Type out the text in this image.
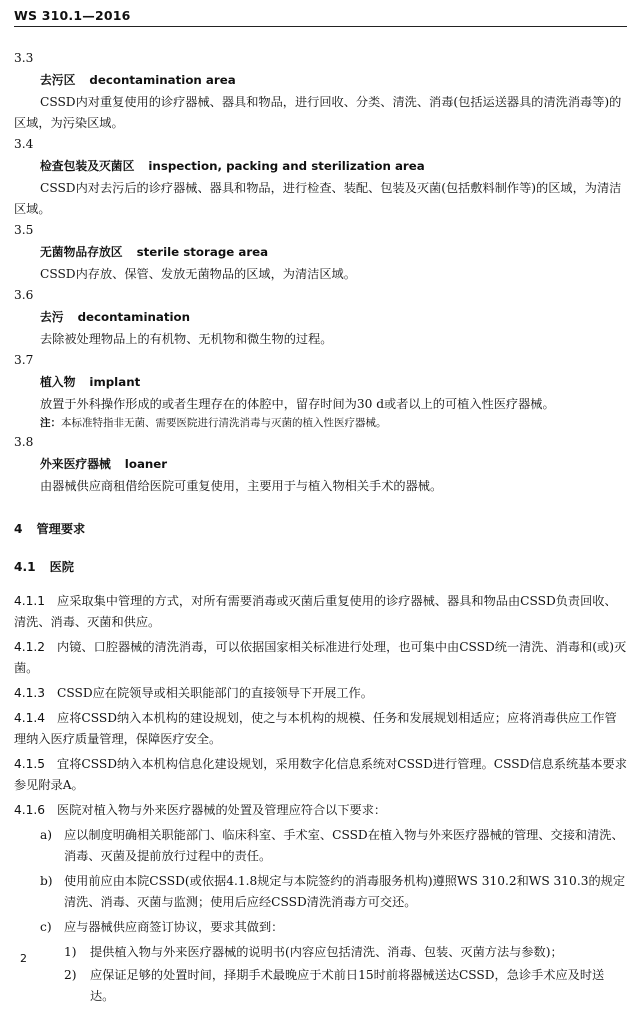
WS 310.1—2016

3.3

去污区 decontamination area

CSSD内对重复使用的诊疗器械、器具和物品，进行回收、分类、清洗、消毒(包括运送器具的清洗消毒等)的区域，为污染区域。

3.4

检查包装及灭菌区 inspection, packing and sterilization area

CSSD内对去污后的诊疗器械、器具和物品，进行检查、装配、包装及灭菌(包括敷料制作等)的区域，为清洁区域。

3.5

无菌物品存放区 sterile storage area

CSSD内存放、保管、发放无菌物品的区域，为清洁区域。

3.6

去污 decontamination

去除被处理物品上的有机物、无机物和微生物的过程。

3.7

植入物 implant

放置于外科操作形成的或者生理存在的体腔中，留存时间为30 d或者以上的可植入性医疗器械。

注：本标准特指非无菌、需要医院进行清洗消毒与灭菌的植入性医疗器械。

3.8

外来医疗器械 loaner

由器械供应商租借给医院可重复使用，主要用于与植入物相关手术的器械。

4 管理要求
4.1 医院

4.1.1 应采取集中管理的方式，对所有需要消毒或灭菌后重复使用的诊疗器械、器具和物品由CSSD负责回收、清洗、消毒、灭菌和供应。

4.1.2 内镜、口腔器械的清洗消毒，可以依据国家相关标准进行处理，也可集中由CSSD统一清洗、消毒和(或)灭菌。

4.1.3 CSSD应在院领导或相关职能部门的直接领导下开展工作。

4.1.4 应将CSSD纳入本机构的建设规划，使之与本机构的规模、任务和发展规划相适应；应将消毒供应工作管理纳入医疗质量管理，保障医疗安全。

4.1.5 宜将CSSD纳入本机构信息化建设规划，采用数字化信息系统对CSSD进行管理。CSSD信息系统基本要求参见附录A。

4.1.6 医院对植入物与外来医疗器械的处置及管理应符合以下要求：

a) 应以制度明确相关职能部门、临床科室、手术室、CSSD在植入物与外来医疗器械的管理、交接和清洗、消毒、灭菌及提前放行过程中的责任。

b) 使用前应由本院CSSD(或依据4.1.8规定与本院签约的消毒服务机构)遵照WS 310.2和WS 310.3的规定清洗、消毒、灭菌与监测；使用后应经CSSD清洗消毒方可交还。

c) 应与器械供应商签订协议，要求其做到：

1) 提供植入物与外来医疗器械的说明书(内容应包括清洗、消毒、包装、灭菌方法与参数)；

2) 应保证足够的处置时间，择期手术最晚应于术前日15时前将器械送达CSSD，急诊手术应及时送达。

2
